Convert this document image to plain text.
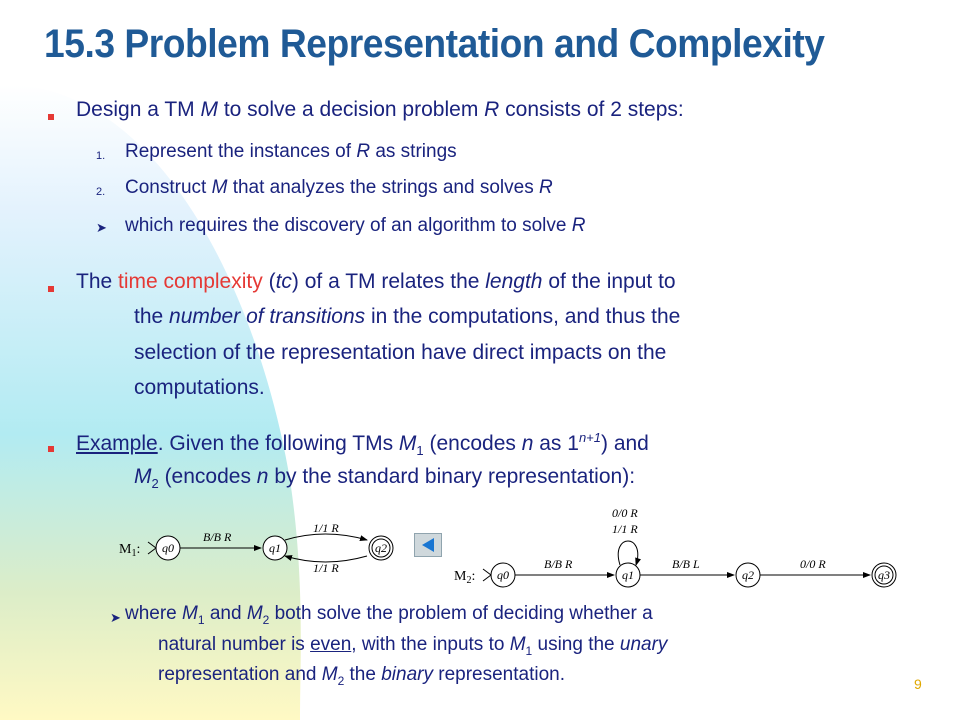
15.3 Problem Representation and Complexity
Design a TM M to solve a decision problem R consists of 2 steps:
1. Represent the instances of R as strings
2. Construct M that analyzes the strings and solves R
➤ which requires the discovery of an algorithm to solve R
The time complexity (tc) of a TM relates the length of the input to
the number of transitions in the computations, and thus the
selection of the representation have direct impacts on the
computations.
Example. Given the following TMs $M_1$ (encodes n as $1^{n+1}$) and
$M_2$ (encodes n by the standard binary representation):
$M_1$: q0
B/B R
q1
1/1 R
1/1 R
q2
$M_2$: q0
B/B R
q1
0/0 R
1/1 R
B/B L
q2
0/0 R
q3
➤ where $M_1$ and $M_2$ both solve the problem of deciding whether a
natural number is even, with the inputs to $M_1$ using the unary
representation and $M_2$ the binary representation.	9
